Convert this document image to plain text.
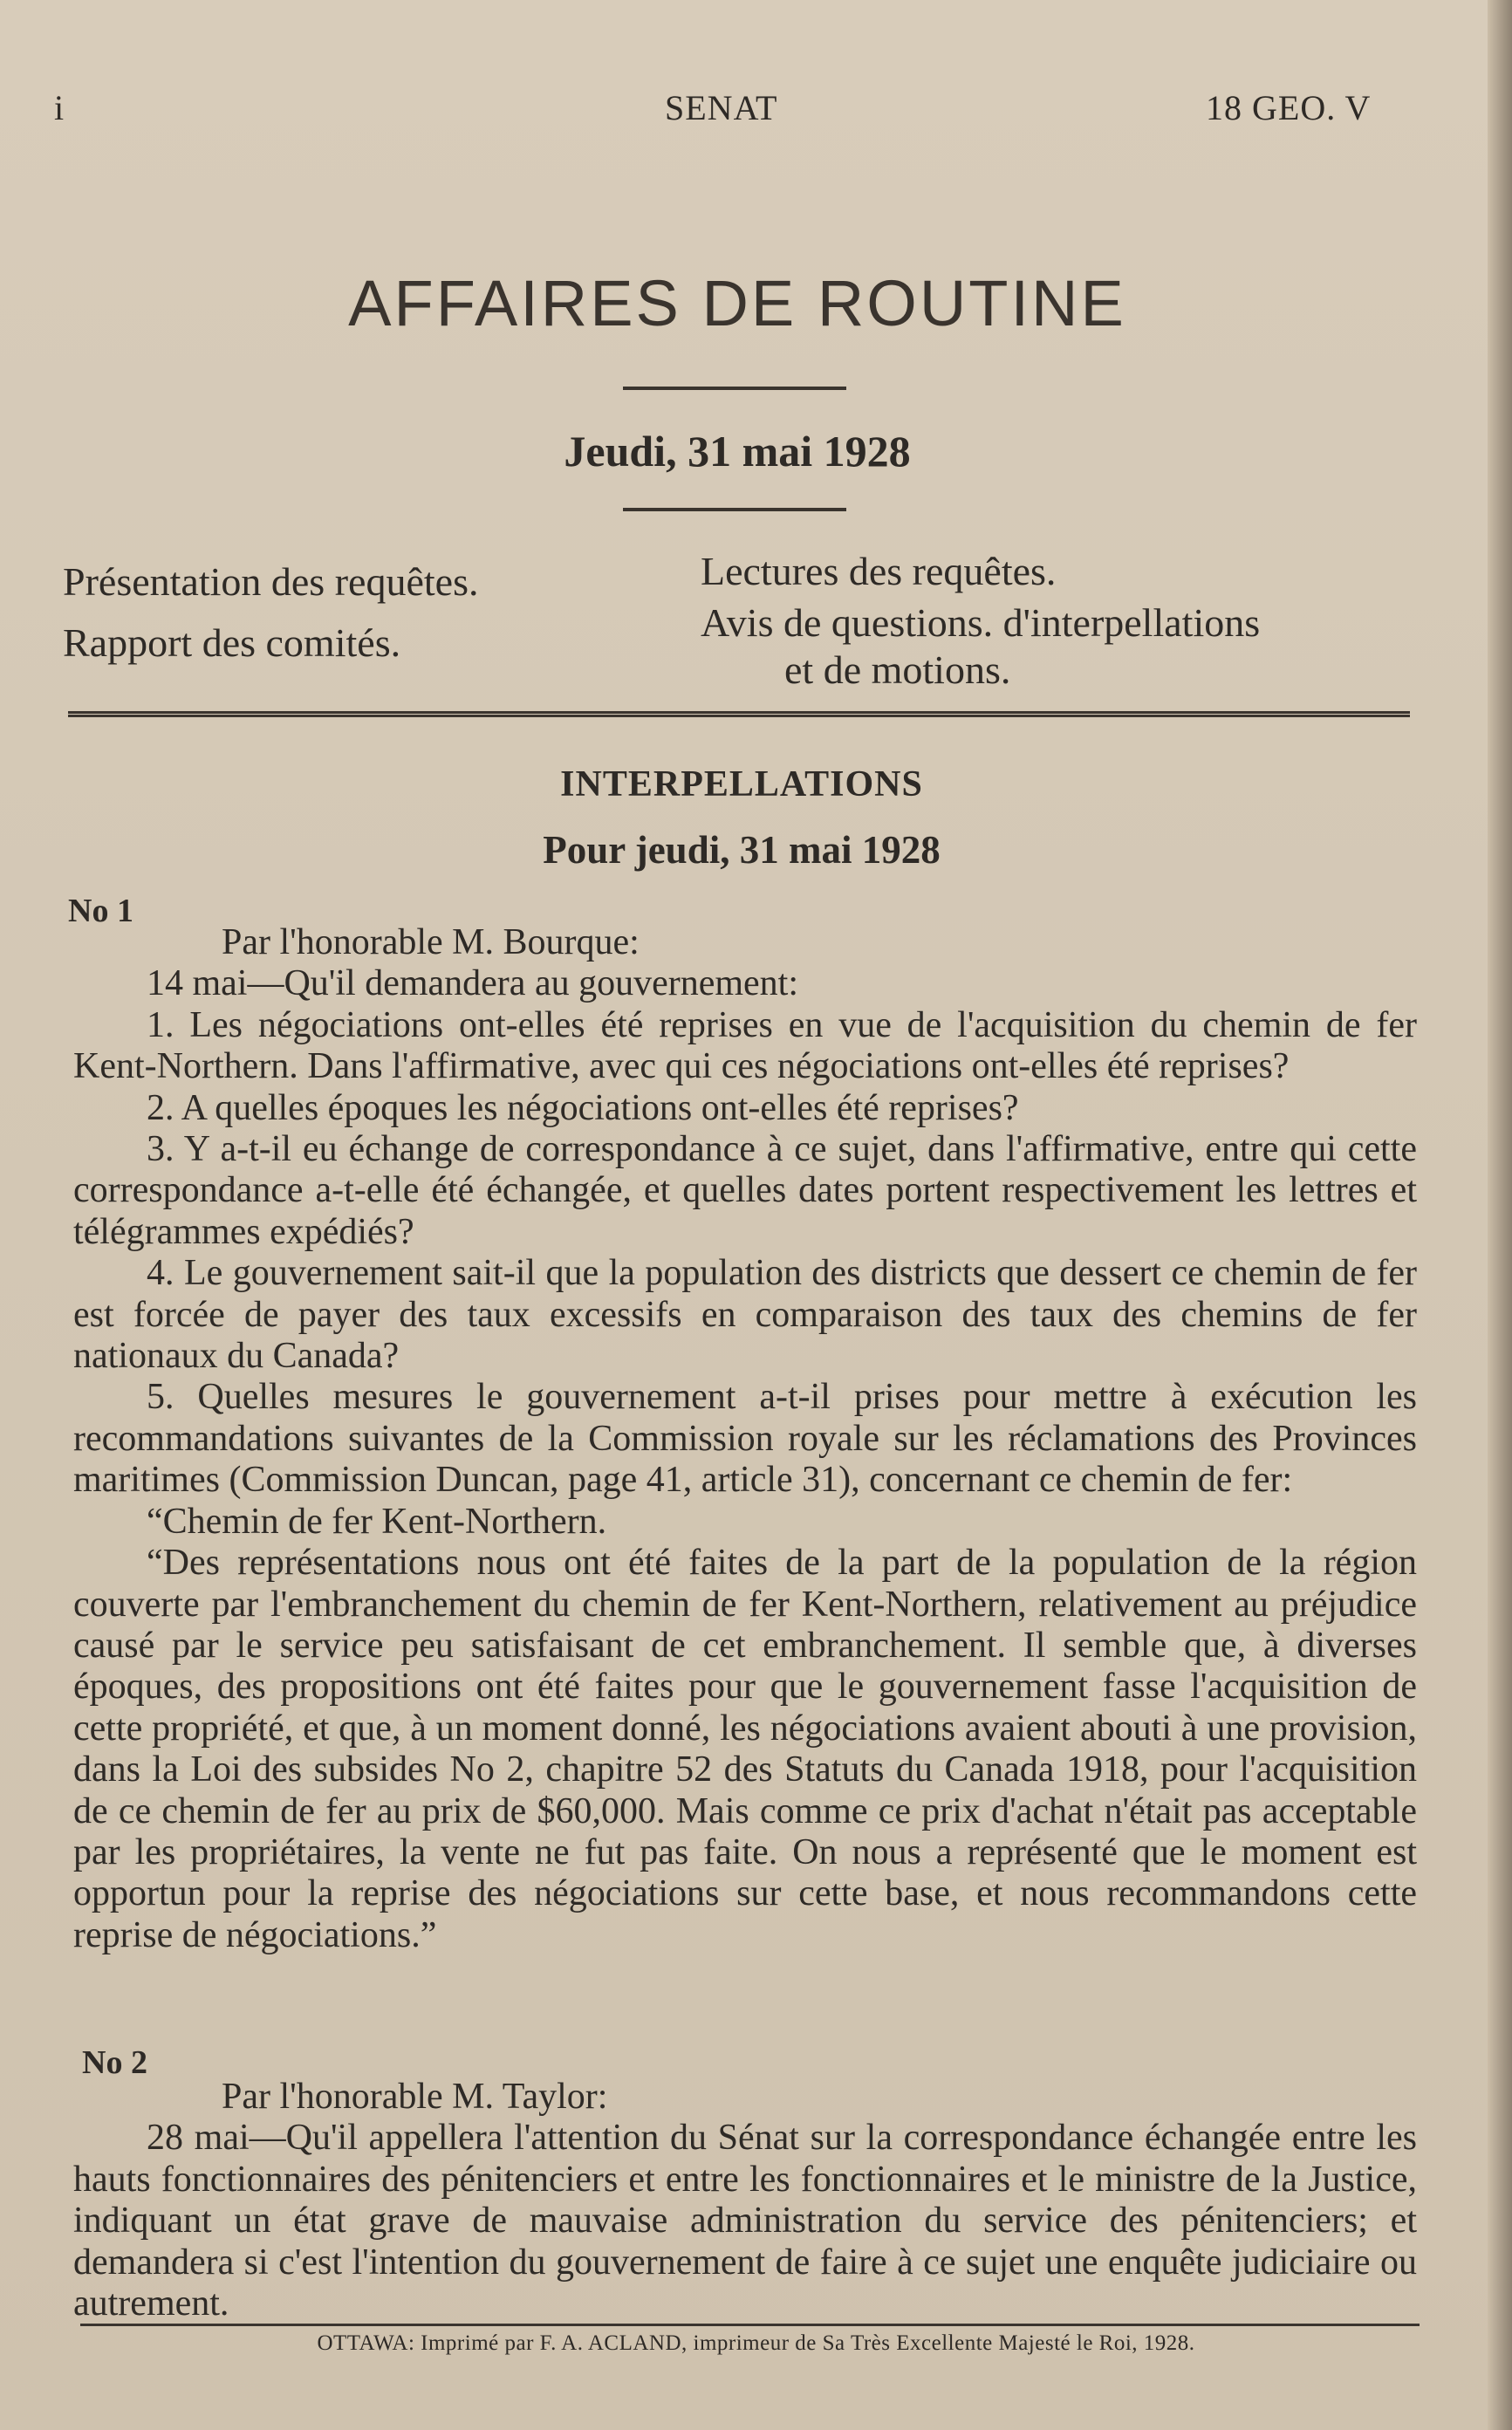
i	SENAT	18 GEO. V
AFFAIRES DE ROUTINE
Jeudi, 31 mai 1928
Présentation des requêtes.
Rapport des comités.
Lectures des requêtes.
Avis de questions. d'interpellations
et de motions.
INTERPELLATIONS
Pour jeudi, 31 mai 1928
No 1

Par l'honorable M. Bourque:

14 mai—Qu'il demandera au gouvernement:

1. Les négociations ont-elles été reprises en vue de l'acquisition du chemin de fer Kent-Northern. Dans l'affirmative, avec qui ces négociations ont-elles été reprises?

2. A quelles époques les négociations ont-elles été reprises?

3. Y a-t-il eu échange de correspondance à ce sujet, dans l'affirmative, entre qui cette correspondance a-t-elle été échangée, et quelles dates portent respectivement les lettres et télégrammes expédiés?

4. Le gouvernement sait-il que la population des districts que dessert ce chemin de fer est forcée de payer des taux excessifs en comparaison des taux des chemins de fer nationaux du Canada?

5. Quelles mesures le gouvernement a-t-il prises pour mettre à exécution les recommandations suivantes de la Commission royale sur les réclamations des Provinces maritimes (Commission Duncan, page 41, article 31), concernant ce chemin de fer:

“Chemin de fer Kent-Northern.

“Des représentations nous ont été faites de la part de la population de la région couverte par l'embranchement du chemin de fer Kent-Northern, relativement au préjudice causé par le service peu satisfaisant de cet embranchement. Il semble que, à diverses époques, des propositions ont été faites pour que le gouvernement fasse l'acquisition de cette propriété, et que, à un moment donné, les négociations avaient abouti à une provision, dans la Loi des subsides No 2, chapitre 52 des Statuts du Canada 1918, pour l'acquisition de ce chemin de fer au prix de $60,000. Mais comme ce prix d'achat n'était pas acceptable par les propriétaires, la vente ne fut pas faite. On nous a représenté que le moment est opportun pour la reprise des négociations sur cette base, et nous recommandons cette reprise de négociations.”

No 2

Par l'honorable M. Taylor:

28 mai—Qu'il appellera l'attention du Sénat sur la correspondance échangée entre les hauts fonctionnaires des pénitenciers et entre les fonctionnaires et le ministre de la Justice, indiquant un état grave de mauvaise administration du service des pénitenciers; et demandera si c'est l'intention du gouvernement de faire à ce sujet une enquête judiciaire ou autrement.

OTTAWA: Imprimé par F. A. ACLAND, imprimeur de Sa Très Excellente Majesté le Roi, 1928.
